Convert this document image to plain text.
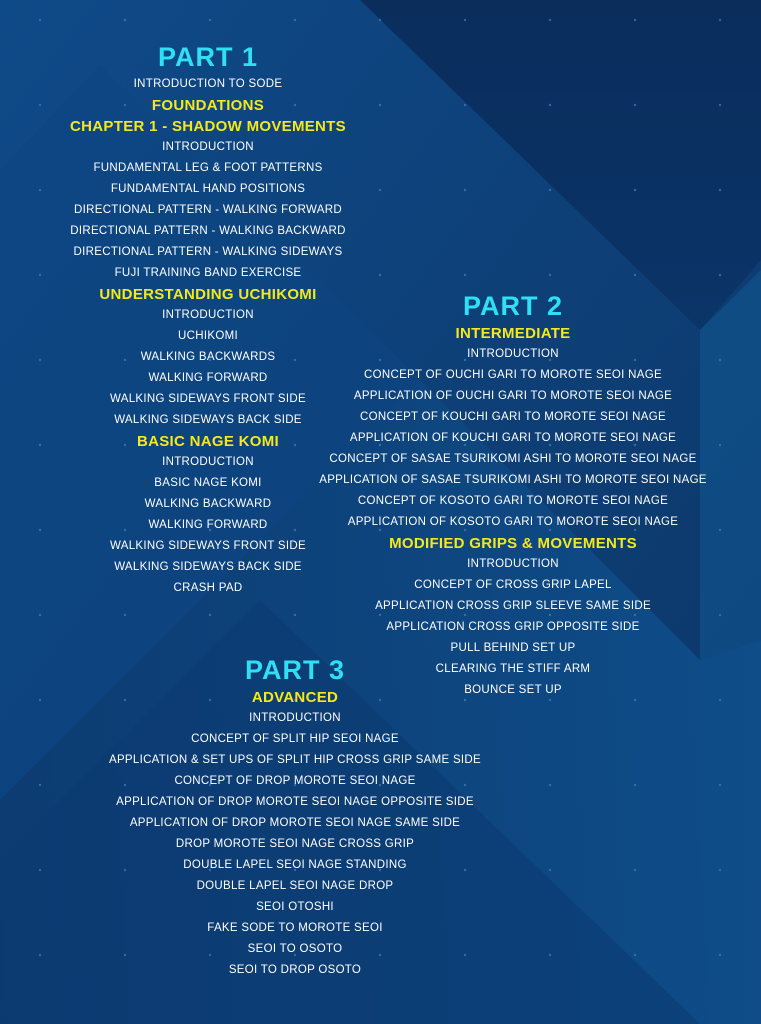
PART 1
INTRODUCTION TO SODE
FOUNDATIONS
CHAPTER 1 - SHADOW MOVEMENTS
INTRODUCTION
FUNDAMENTAL LEG & FOOT PATTERNS
FUNDAMENTAL HAND POSITIONS
DIRECTIONAL PATTERN - WALKING FORWARD
DIRECTIONAL PATTERN - WALKING BACKWARD
DIRECTIONAL PATTERN - WALKING SIDEWAYS
FUJI TRAINING BAND EXERCISE
UNDERSTANDING UCHIKOMI
INTRODUCTION
UCHIKOMI
WALKING BACKWARDS
WALKING FORWARD
WALKING SIDEWAYS FRONT SIDE
WALKING SIDEWAYS BACK SIDE
BASIC NAGE KOMI
INTRODUCTION
BASIC NAGE KOMI
WALKING BACKWARD
WALKING FORWARD
WALKING SIDEWAYS FRONT SIDE
WALKING SIDEWAYS BACK SIDE
CRASH PAD
PART 2
INTERMEDIATE
INTRODUCTION
CONCEPT OF OUCHI GARI TO MOROTE SEOI NAGE
APPLICATION OF OUCHI GARI TO MOROTE SEOI NAGE
CONCEPT OF KOUCHI GARI TO MOROTE SEOI NAGE
APPLICATION OF KOUCHI GARI TO MOROTE SEOI NAGE
CONCEPT OF SASAE TSURIKOMI ASHI TO MOROTE SEOI NAGE
APPLICATION OF SASAE TSURIKOMI ASHI TO MOROTE SEOI NAGE
CONCEPT OF KOSOTO GARI TO MOROTE SEOI NAGE
APPLICATION OF KOSOTO GARI TO MOROTE SEOI NAGE
MODIFIED GRIPS & MOVEMENTS
INTRODUCTION
CONCEPT OF CROSS GRIP LAPEL
APPLICATION CROSS GRIP SLEEVE SAME SIDE
APPLICATION CROSS GRIP OPPOSITE SIDE
PULL BEHIND SET UP
CLEARING THE STIFF ARM
BOUNCE SET UP
PART 3
ADVANCED
INTRODUCTION
CONCEPT OF SPLIT HIP SEOI NAGE
APPLICATION & SET UPS OF SPLIT HIP CROSS GRIP SAME SIDE
CONCEPT OF DROP MOROTE SEOI NAGE
APPLICATION OF DROP MOROTE SEOI NAGE OPPOSITE SIDE
APPLICATION OF DROP MOROTE SEOI NAGE SAME SIDE
DROP MOROTE SEOI NAGE CROSS GRIP
DOUBLE LAPEL SEOI NAGE STANDING
DOUBLE LAPEL SEOI NAGE DROP
SEOI OTOSHI
FAKE SODE TO MOROTE SEOI
SEOI TO OSOTO
SEOI TO DROP OSOTO
